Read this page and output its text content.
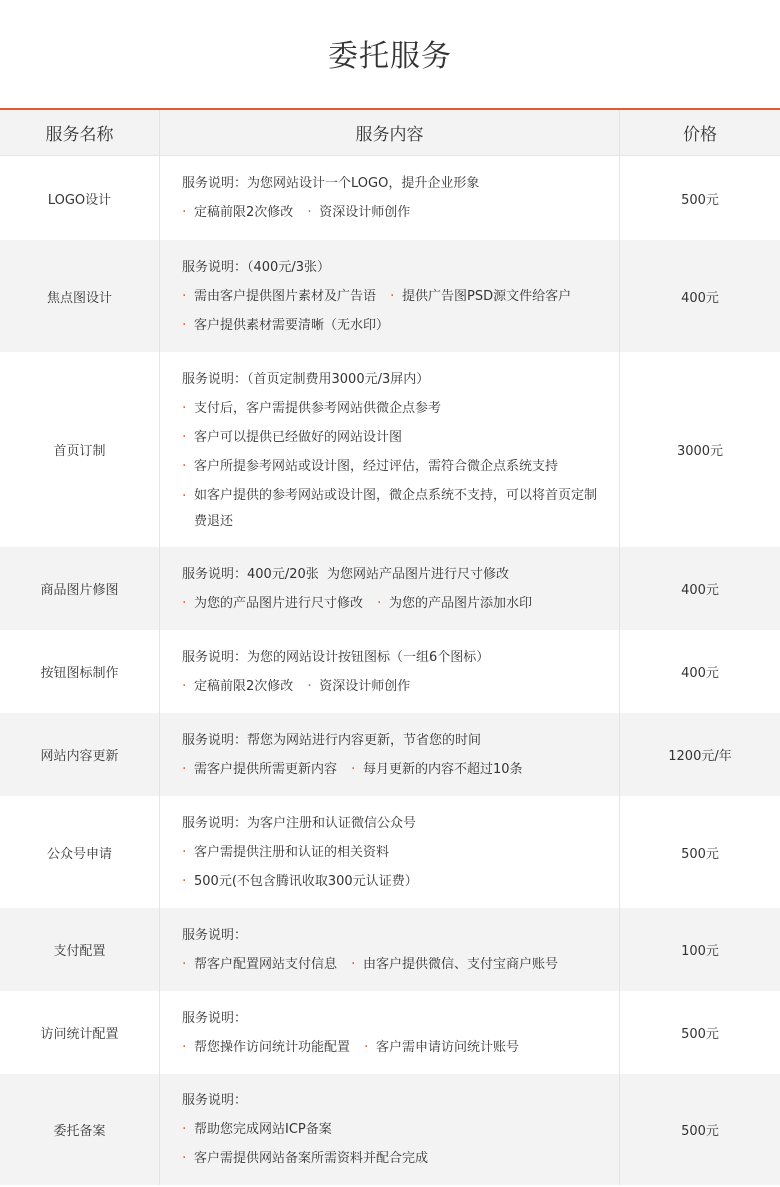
委托服务
服务名称	服务内容	价格
LOGO设计
服务说明：为您网站设计一个LOGO，提升企业形象
· 定稿前限2次修改 · 资深设计师创作
500元
焦点图设计
服务说明：（400元/3张）
· 需由客户提供图片素材及广告语 · 提供广告图PSD源文件给客户
· 客户提供素材需要清晰（无水印）
400元
首页订制
服务说明：（首页定制费用3000元/3屏内）
· 支付后，客户需提供参考网站供微企点参考
· 客户可以提供已经做好的网站设计图
· 客户所提参考网站或设计图，经过评估，需符合微企点系统支持
· 如客户提供的参考网站或设计图，微企点系统不支持，可以将首页定制费退还
3000元
商品图片修图
服务说明：400元/20张  为您网站产品图片进行尺寸修改
· 为您的产品图片进行尺寸修改 · 为您的产品图片添加水印
400元
按钮图标制作
服务说明：为您的网站设计按钮图标（一组6个图标）
· 定稿前限2次修改 · 资深设计师创作
400元
网站内容更新
服务说明：帮您为网站进行内容更新，节省您的时间
· 需客户提供所需更新内容 · 每月更新的内容不超过10条
1200元/年
公众号申请
服务说明：为客户注册和认证微信公众号
· 客户需提供注册和认证的相关资料
· 500元(不包含腾讯收取300元认证费）
500元
支付配置
服务说明：
· 帮客户配置网站支付信息 · 由客户提供微信、支付宝商户账号
100元
访问统计配置
服务说明：
· 帮您操作访问统计功能配置 · 客户需申请访问统计账号
500元
委托备案
服务说明：
· 帮助您完成网站ICP备案
· 客户需提供网站备案所需资料并配合完成
500元
